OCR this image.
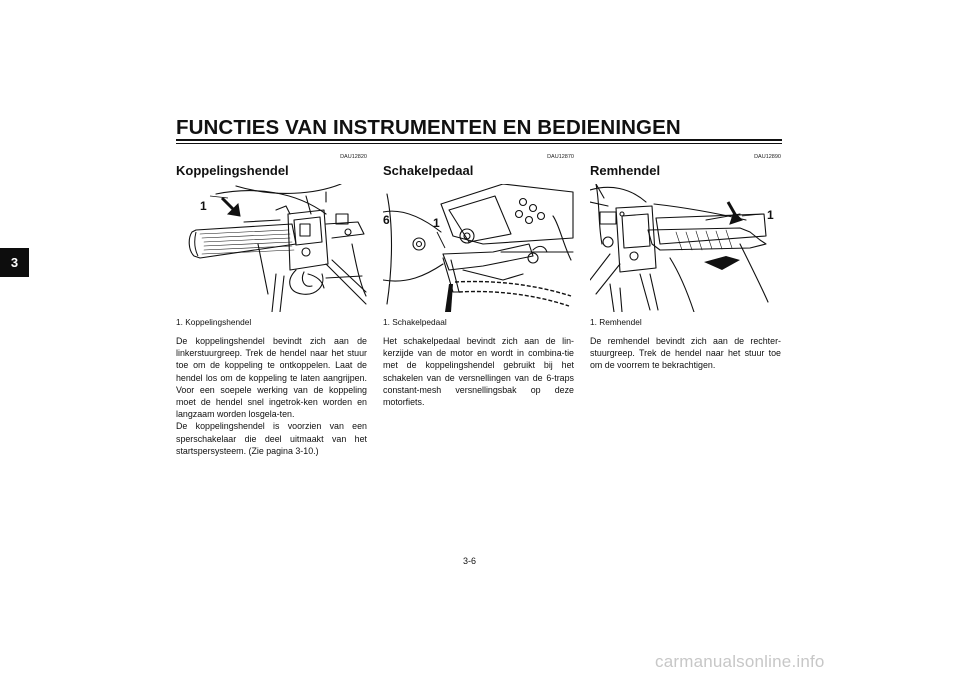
FUNCTIES VAN INSTRUMENTEN EN BEDIENINGEN
3
DAU12820
Koppelingshendel
1
1. Koppelingshendel

De koppelingshendel bevindt zich aan de linkerstuurgreep. Trek de hendel naar het stuur toe om de koppeling te ontkoppelen. Laat de hendel los om de koppeling te laten aangrijpen. Voor een soepele werking van de koppeling moet de hendel snel ingetrok-ken worden en langzaam worden losgela-ten.

De koppelingshendel is voorzien van een sperschakelaar die deel uitmaakt van het startspersysteem. (Zie pagina 3-10.)

DAU12870
Schakelpedaal
6	1
1. Schakelpedaal

Het schakelpedaal bevindt zich aan de lin-kerzijde van de motor en wordt in combina-tie met de koppelingshendel gebruikt bij het schakelen van de versnellingen van de 6-traps constant-mesh versnellingsbak op deze motorfiets.

DAU12890
Remhendel
1
1. Remhendel

De remhendel bevindt zich aan de rechter-stuurgreep. Trek de hendel naar het stuur toe om de voorrem te bekrachtigen.

3-6
carmanualsonline.info
